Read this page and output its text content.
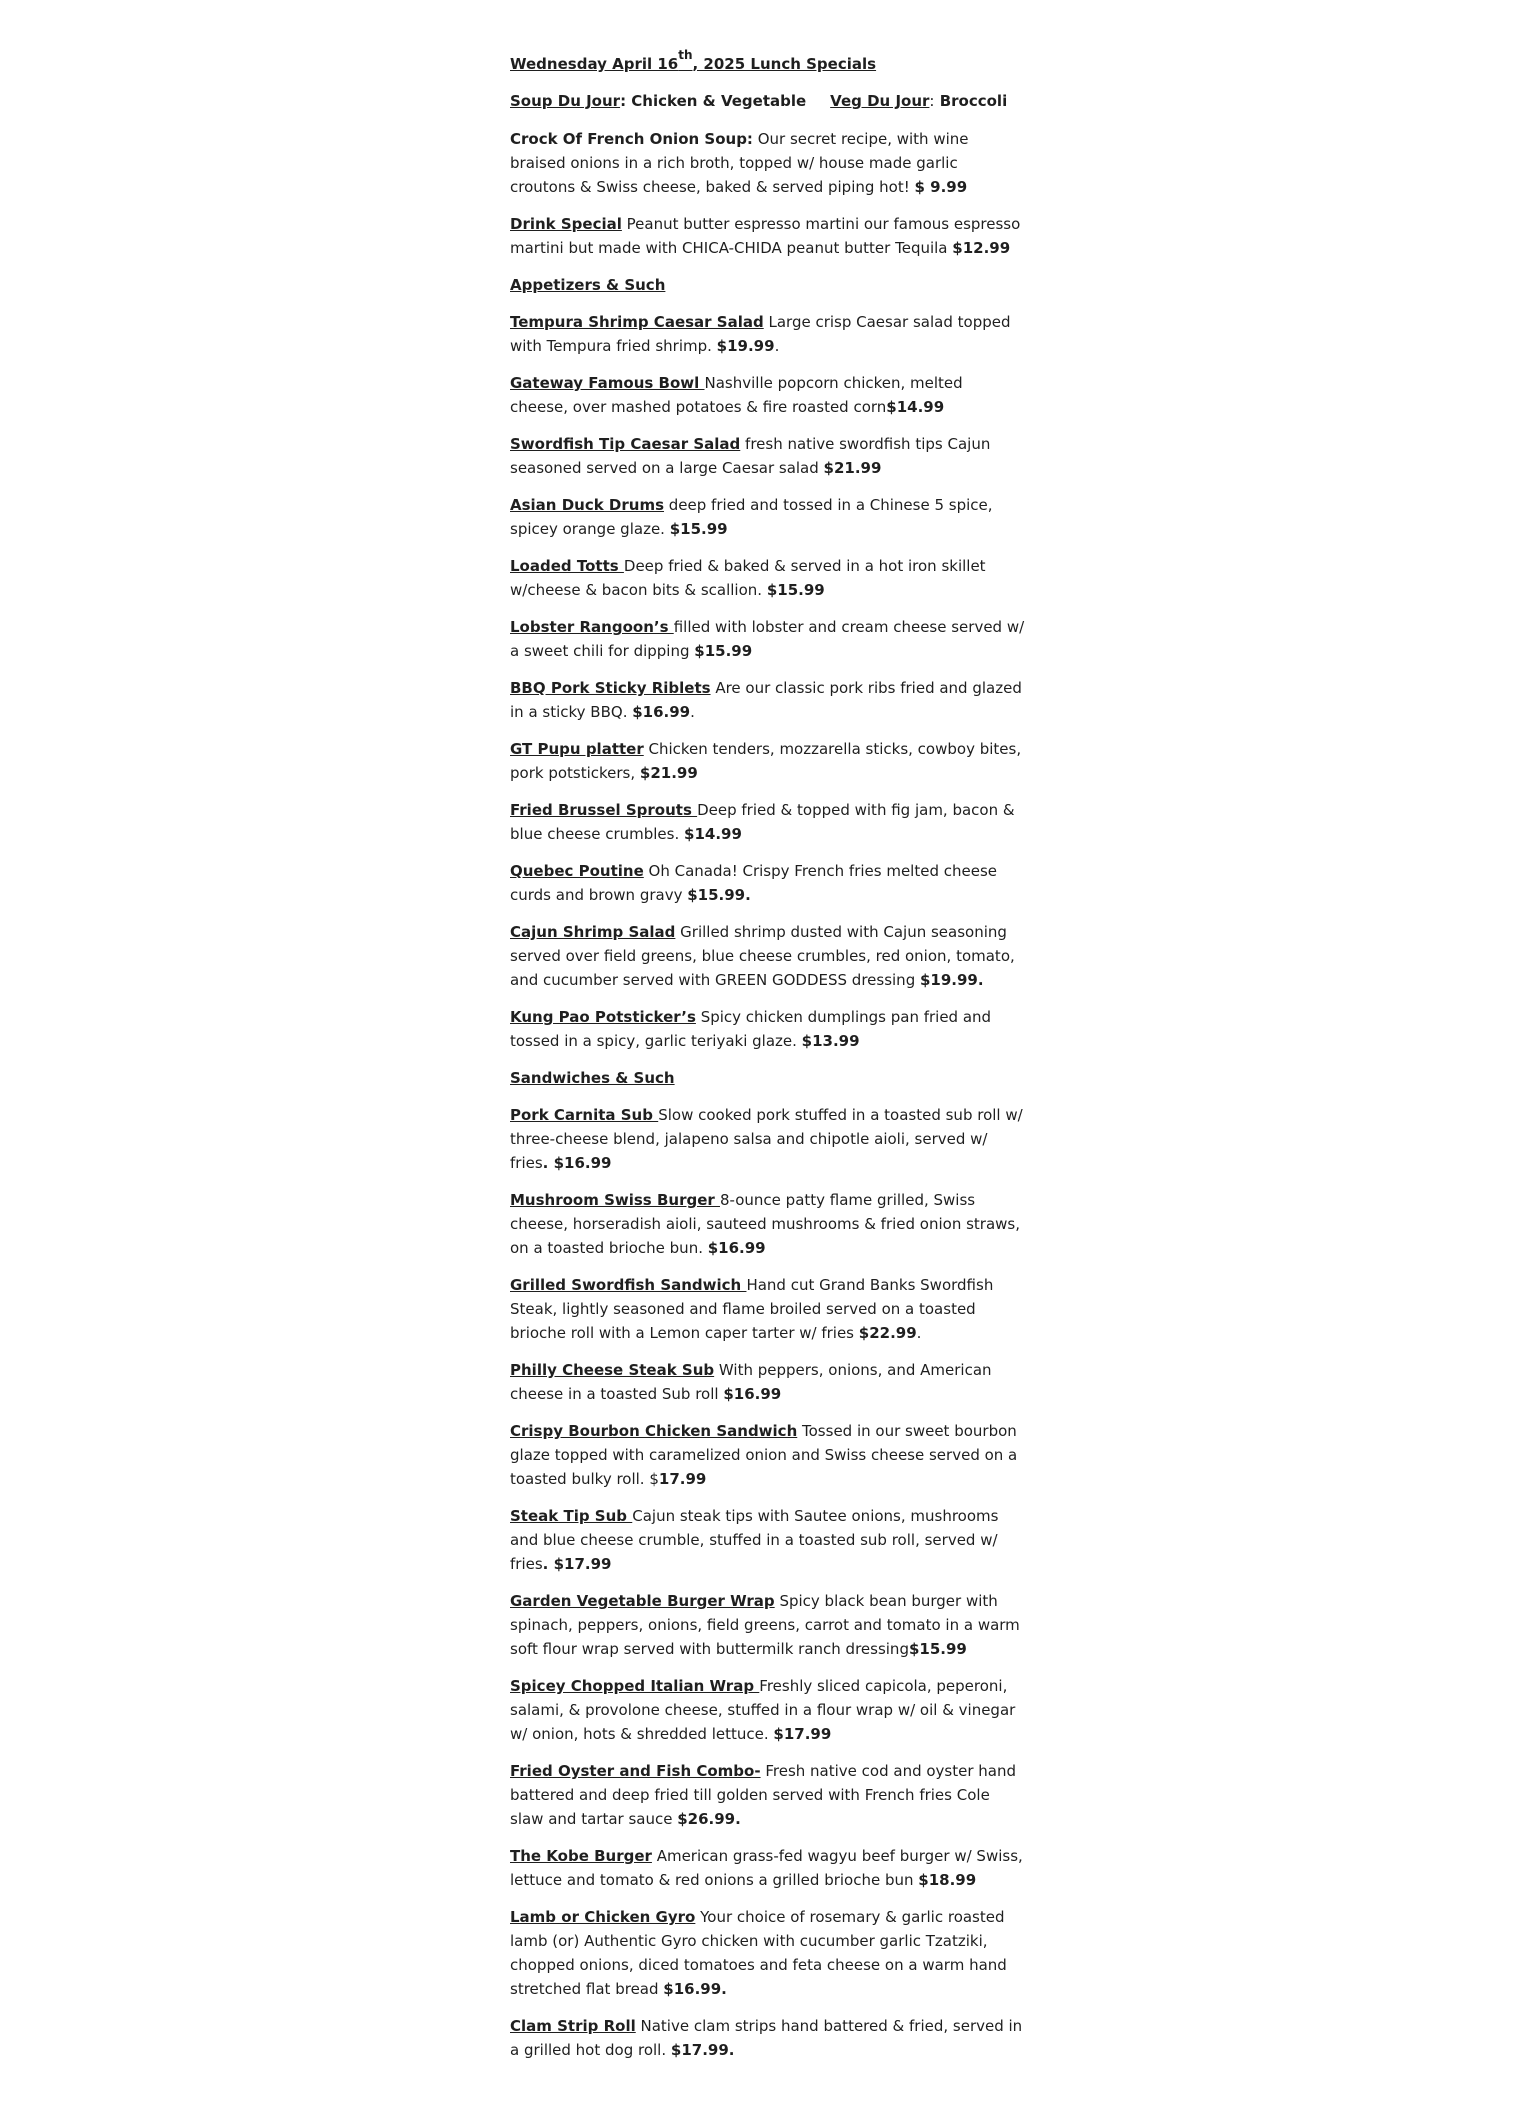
Wednesday April 16th, 2025 Lunch Specials
Soup Du Jour: Chicken & Vegetable Veg Du Jour: Broccoli
Crock Of French Onion Soup: Our secret recipe, with wine braised onions in a rich broth, topped w/ house made garlic croutons & Swiss cheese, baked & served piping hot! $ 9.99
Drink Special Peanut butter espresso martini our famous espresso martini but made with CHICA-CHIDA peanut butter Tequila $12.99
Appetizers & Such
Tempura Shrimp Caesar Salad Large crisp Caesar salad topped with Tempura fried shrimp. $19.99.
Gateway Famous Bowl Nashville popcorn chicken, melted cheese, over mashed potatoes & fire roasted corn$14.99
Swordfish Tip Caesar Salad fresh native swordfish tips Cajun seasoned served on a large Caesar salad $21.99
Asian Duck Drums deep fried and tossed in a Chinese 5 spice, spicey orange glaze. $15.99
Loaded Totts Deep fried & baked & served in a hot iron skillet w/cheese & bacon bits & scallion. $15.99
Lobster Rangoon’s filled with lobster and cream cheese served w/ a sweet chili for dipping $15.99
BBQ Pork Sticky Riblets Are our classic pork ribs fried and glazed in a sticky BBQ. $16.99.
GT Pupu platter Chicken tenders, mozzarella sticks, cowboy bites, pork potstickers, $21.99
Fried Brussel Sprouts Deep fried & topped with fig jam, bacon & blue cheese crumbles. $14.99
Quebec Poutine Oh Canada! Crispy French fries melted cheese curds and brown gravy $15.99.
Cajun Shrimp Salad Grilled shrimp dusted with Cajun seasoning served over field greens, blue cheese crumbles, red onion, tomato, and cucumber served with GREEN GODDESS dressing $19.99.
Kung Pao Potsticker’s Spicy chicken dumplings pan fried and tossed in a spicy, garlic teriyaki glaze. $13.99
Sandwiches & Such
Pork Carnita Sub Slow cooked pork stuffed in a toasted sub roll w/ three-cheese blend, jalapeno salsa and chipotle aioli, served w/ fries. $16.99
Mushroom Swiss Burger 8-ounce patty flame grilled, Swiss cheese, horseradish aioli, sauteed mushrooms & fried onion straws, on a toasted brioche bun. $16.99
Grilled Swordfish Sandwich Hand cut Grand Banks Swordfish Steak, lightly seasoned and flame broiled served on a toasted brioche roll with a Lemon caper tarter w/ fries $22.99.
Philly Cheese Steak Sub With peppers, onions, and American cheese in a toasted Sub roll $16.99
Crispy Bourbon Chicken Sandwich Tossed in our sweet bourbon glaze topped with caramelized onion and Swiss cheese served on a toasted bulky roll. $17.99
Steak Tip Sub Cajun steak tips with Sautee onions, mushrooms and blue cheese crumble, stuffed in a toasted sub roll, served w/ fries. $17.99
Garden Vegetable Burger Wrap Spicy black bean burger with spinach, peppers, onions, field greens, carrot and tomato in a warm soft flour wrap served with buttermilk ranch dressing$15.99
Spicey Chopped Italian Wrap Freshly sliced capicola, peperoni, salami, & provolone cheese, stuffed in a flour wrap w/ oil & vinegar w/ onion, hots & shredded lettuce. $17.99
Fried Oyster and Fish Combo- Fresh native cod and oyster hand battered and deep fried till golden served with French fries Cole slaw and tartar sauce $26.99.
The Kobe Burger American grass-fed wagyu beef burger w/ Swiss, lettuce and tomato & red onions a grilled brioche bun $18.99
Lamb or Chicken Gyro Your choice of rosemary & garlic roasted lamb (or) Authentic Gyro chicken with cucumber garlic Tzatziki, chopped onions, diced tomatoes and feta cheese on a warm hand stretched flat bread $16.99.
Clam Strip Roll Native clam strips hand battered & fried, served in a grilled hot dog roll. $17.99.
